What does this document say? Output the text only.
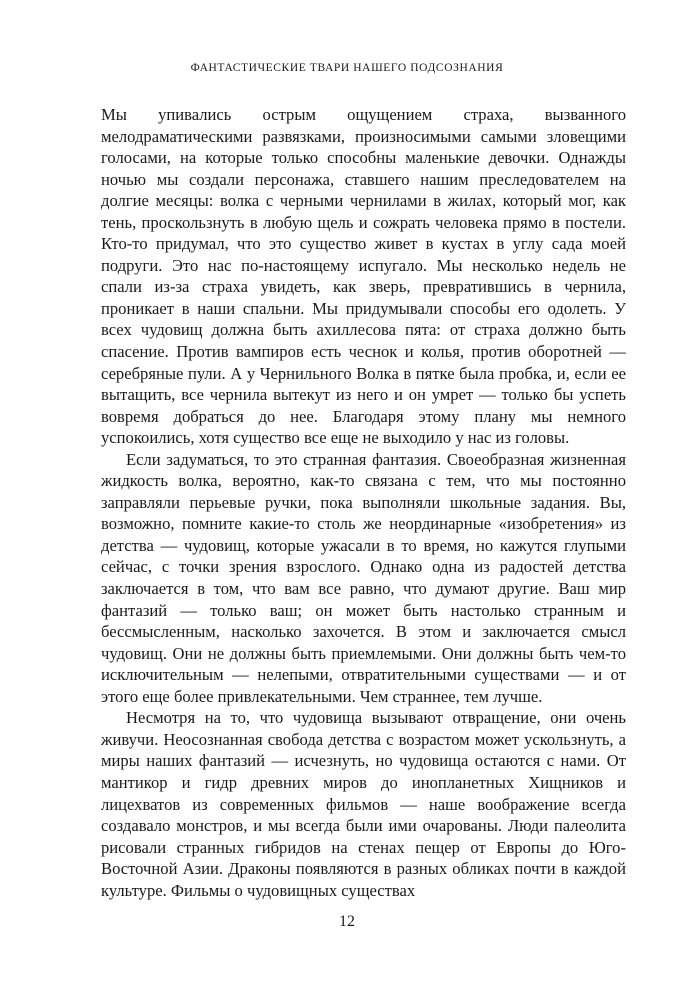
ФАНТАСТИЧЕСКИЕ ТВАРИ НАШЕГО ПОДСОЗНАНИЯ

Мы упивались острым ощущением страха, вызванного мелодраматическими развязками, произносимыми самыми зловещими голосами, на которые только способны маленькие девочки. Однажды ночью мы создали персонажа, ставшего нашим преследователем на долгие месяцы: волка с черными чернилами в жилах, который мог, как тень, проскользнуть в любую щель и сожрать человека прямо в постели. Кто-то придумал, что это существо живет в кустах в углу сада моей подруги. Это нас по-настоящему испугало. Мы несколько недель не спали из-за страха увидеть, как зверь, превратившись в чернила, проникает в наши спальни. Мы придумывали способы его одолеть. У всех чудовищ должна быть ахиллесова пята: от страха должно быть спасение. Против вампиров есть чеснок и колья, против оборотней — серебряные пули. А у Чернильного Волка в пятке была пробка, и, если ее вытащить, все чернила вытекут из него и он умрет — только бы успеть вовремя добраться до нее. Благодаря этому плану мы немного успокоились, хотя существо все еще не выходило у нас из головы.

Если задуматься, то это странная фантазия. Своеобразная жизненная жидкость волка, вероятно, как-то связана с тем, что мы постоянно заправляли перьевые ручки, пока выполняли школьные задания. Вы, возможно, помните какие-то столь же неординарные «изобретения» из детства — чудовищ, которые ужасали в то время, но кажутся глупыми сейчас, с точки зрения взрослого. Однако одна из радостей детства заключается в том, что вам все равно, что думают другие. Ваш мир фантазий — только ваш; он может быть настолько странным и бессмысленным, насколько захочется. В этом и заключается смысл чудовищ. Они не должны быть приемлемыми. Они должны быть чем-то исключительным — нелепыми, отвратительными существами — и от этого еще более привлекательными. Чем страннее, тем лучше.

Несмотря на то, что чудовища вызывают отвращение, они очень живучи. Неосознанная свобода детства с возрастом может ускользнуть, а миры наших фантазий — исчезнуть, но чудовища остаются с нами. От мантикор и гидр древних миров до инопланетных Хищников и лицехватов из современных фильмов — наше воображение всегда создавало монстров, и мы всегда были ими очарованы. Люди палеолита рисовали странных гибридов на стенах пещер от Европы до Юго-Восточной Азии. Драконы появляются в разных обликах почти в каждой культуре. Фильмы о чудовищных существах

12
